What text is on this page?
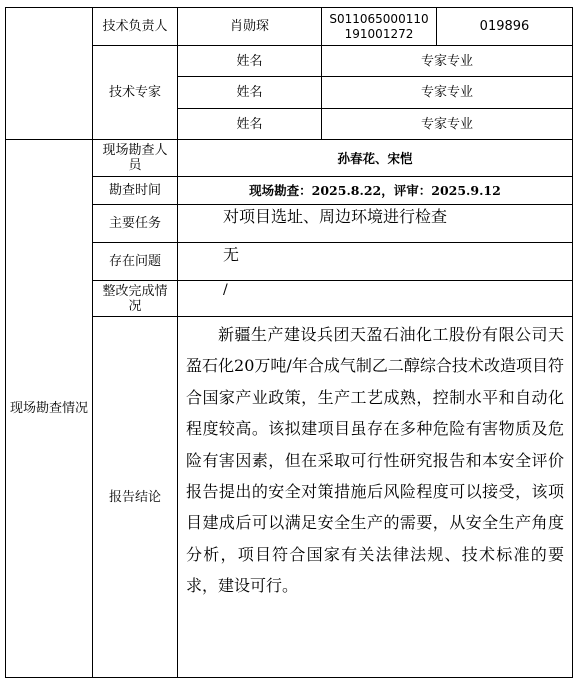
	技术负责人	肖勋琛	S011065000110191001272	019896
	技术专家	姓名	专家专业	
		姓名	专家专业	
		姓名	专家专业	

现场勘查情况	现场勘查人员	孙春花、宋恺		
	勘查时间	现场勘查：2025.8.22，评审：2025.9.12		
	主要任务	对项目选址、周边环境进行检查		
	存在问题	无		

	整改完成情况	/		
	报告结论	新疆生产建设兵团天盈石油化工股份有限公司天盈石化20万吨/年合成气制乙二醇综合技术改造项目符合国家产业政策，生产工艺成熟，控制水平和自动化程度较高。该拟建项目虽存在多种危险有害物质及危险有害因素，但在采取可行性研究报告和本安全评价报告提出的安全对策措施后风险程度可以接受，该项目建成后可以满足安全生产的需要，从安全生产角度分析，项目符合国家有关法律法规、技术标准的要求，建设可行。		
